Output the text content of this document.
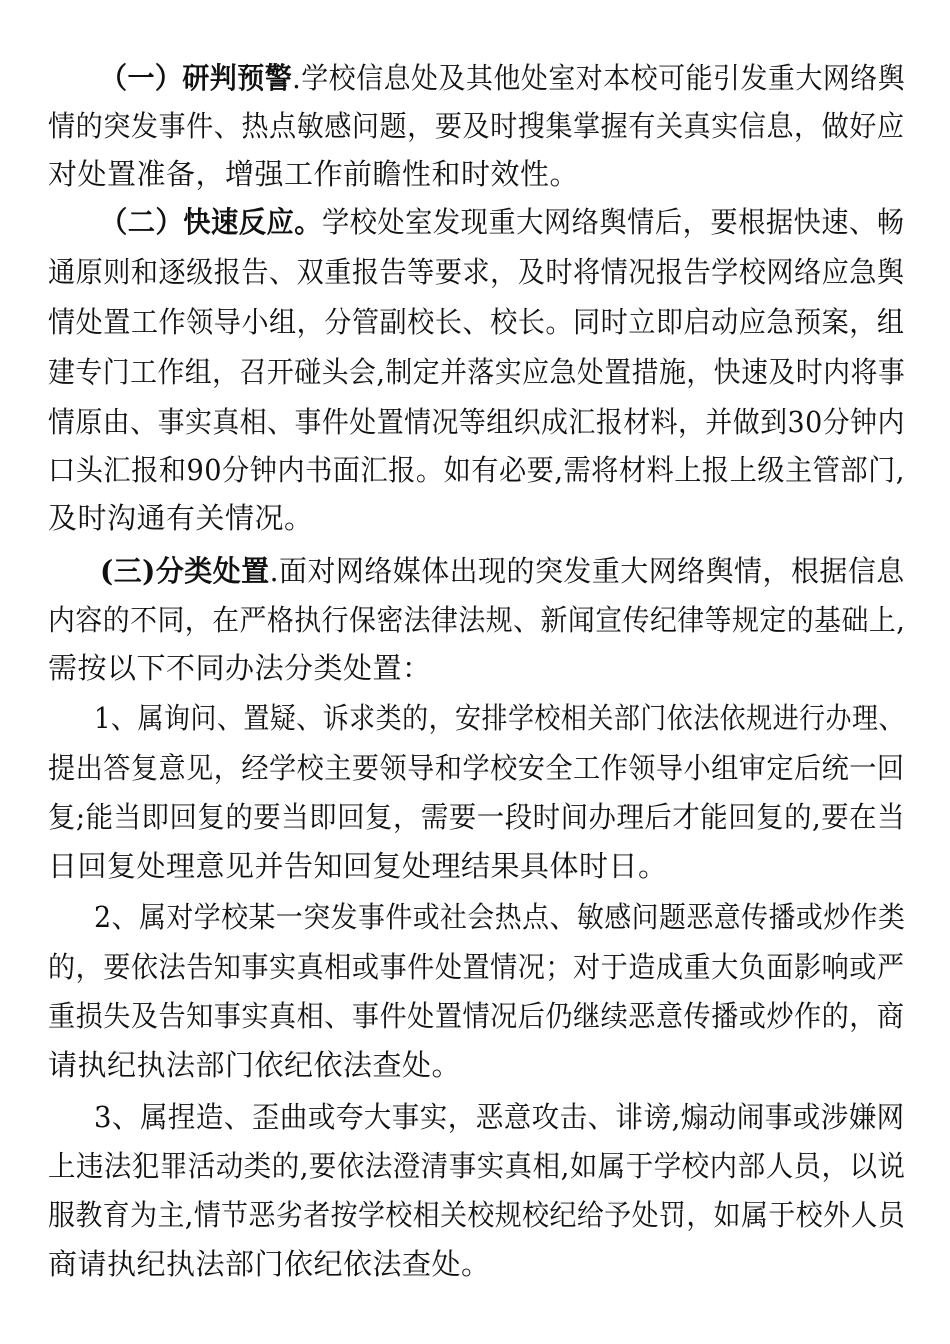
（一）研判预警.学校信息处及其他处室对本校可能引发重大网络舆
情的突发事件、热点敏感问题，要及时搜集掌握有关真实信息，做好应
对处置准备，增强工作前瞻性和时效性。
（二）快速反应。学校处室发现重大网络舆情后，要根据快速、畅
通原则和逐级报告、双重报告等要求，及时将情况报告学校网络应急舆
情处置工作领导小组，分管副校长、校长。同时立即启动应急预案，组
建专门工作组，召开碰头会,制定并落实应急处置措施，快速及时内将事
情原由、事实真相、事件处置情况等组织成汇报材料，并做到30分钟内
口头汇报和90分钟内书面汇报。如有必要,需将材料上报上级主管部门,
及时沟通有关情况。
(三)分类处置.面对网络媒体出现的突发重大网络舆情，根据信息
内容的不同，在严格执行保密法律法规、新闻宣传纪律等规定的基础上,
需按以下不同办法分类处置：
1、属询问、置疑、诉求类的，安排学校相关部门依法依规进行办理、
提出答复意见，经学校主要领导和学校安全工作领导小组审定后统一回
复;能当即回复的要当即回复，需要一段时间办理后才能回复的,要在当
日回复处理意见并告知回复处理结果具体时日。
2、属对学校某一突发事件或社会热点、敏感问题恶意传播或炒作类
的，要依法告知事实真相或事件处置情况；对于造成重大负面影响或严
重损失及告知事实真相、事件处置情况后仍继续恶意传播或炒作的，商
请执纪执法部门依纪依法查处。
3、属捏造、歪曲或夸大事实，恶意攻击、诽谤,煽动闹事或涉嫌网
上违法犯罪活动类的,要依法澄清事实真相,如属于学校内部人员，以说
服教育为主,情节恶劣者按学校相关校规校纪给予处罚，如属于校外人员
商请执纪执法部门依纪依法查处。
